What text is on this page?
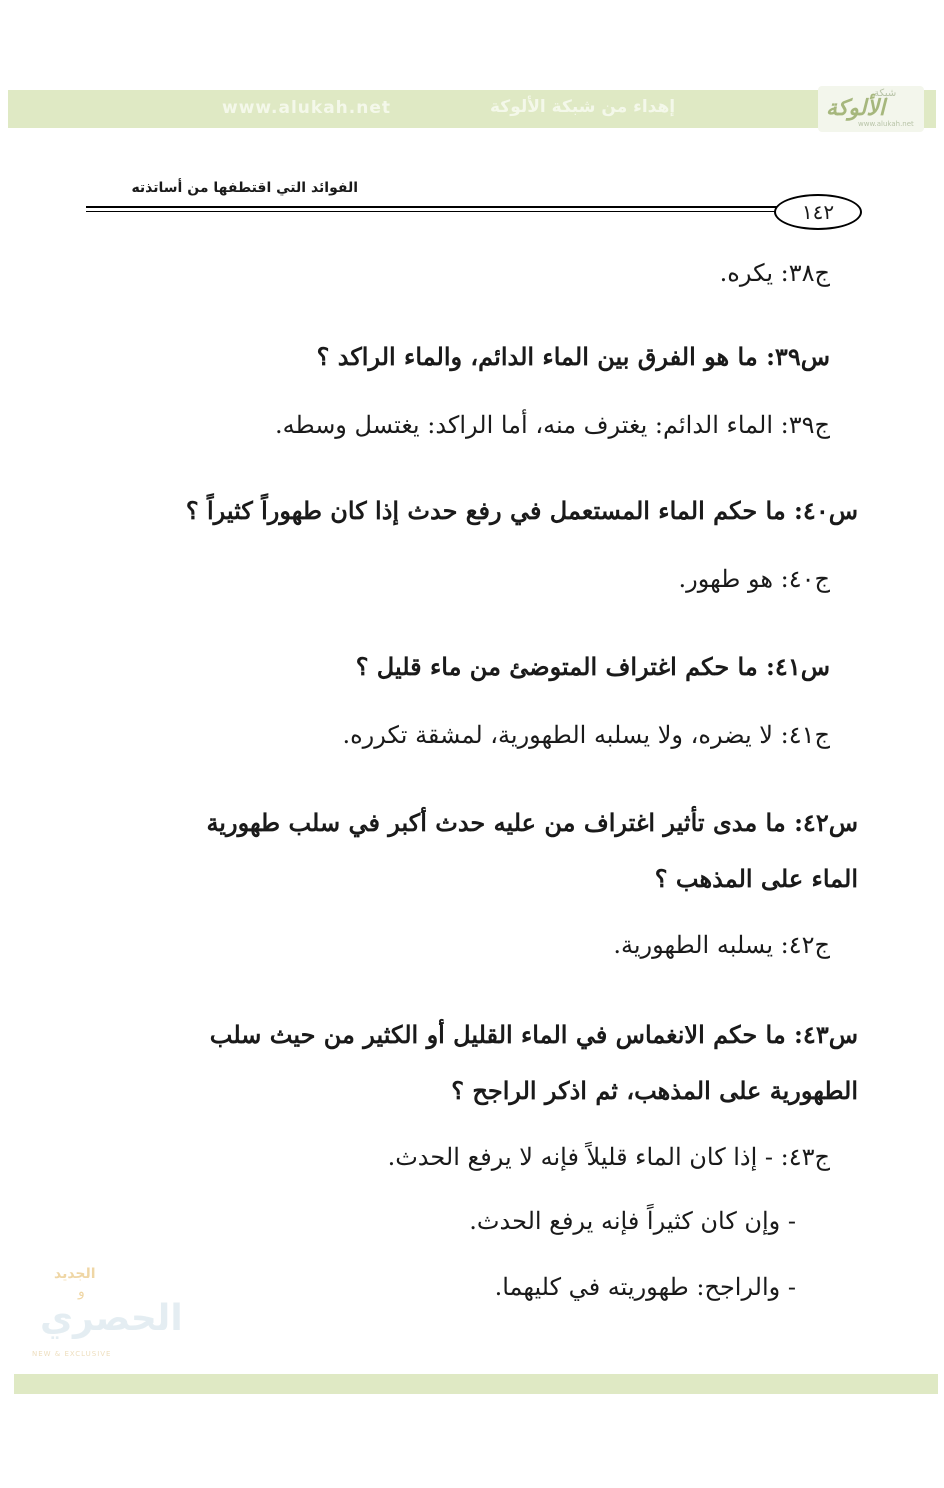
www.alukah.net	إهداء من شبكة الألوكة
شبكة
الألوكة
www.alukah.net
الفوائد التي اقتطفها من أساتذته
١٤٢
ج٣٨: يكره.
س٣٩: ما هو الفرق بين الماء الدائم، والماء الراكد ؟
ج٣٩: الماء الدائم: يغترف منه، أما الراكد: يغتسل وسطه.
س٤٠: ما حكم الماء المستعمل في رفع حدث إذا كان طهوراً كثيراً ؟
ج٤٠: هو طهور.
س٤١: ما حكم اغتراف المتوضئ من ماء قليل ؟
ج٤١: لا يضره، ولا يسلبه الطهورية، لمشقة تكرره.
س٤٢: ما مدى تأثير اغتراف من عليه حدث أكبر في سلب طهورية
الماء على المذهب ؟
ج٤٢: يسلبه الطهورية.
س٤٣: ما حكم الانغماس في الماء القليل أو الكثير من حيث سلب
الطهورية على المذهب، ثم اذكر الراجح ؟
ج٤٣: - إذا كان الماء قليلاً فإنه لا يرفع الحدث.
- وإن كان كثيراً فإنه يرفع الحدث.
- والراجح: طهوريته في كليهما.
الجديد
و
الحصري
NEW & EXCLUSIVE
